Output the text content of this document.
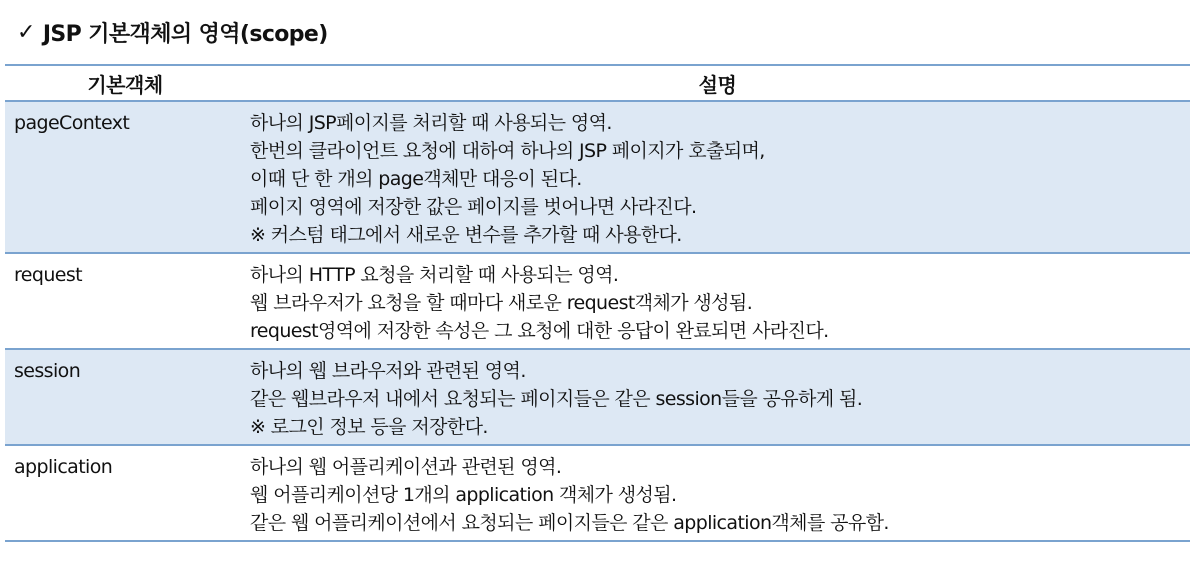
✓ JSP 기본객체의 영역(scope)
기본객체	설명
pageContext	하나의 JSP페이지를 처리할 때 사용되는 영역.
한번의 클라이언트 요청에 대하여 하나의 JSP 페이지가 호출되며,
이때 단 한 개의 page객체만 대응이 된다.
페이지 영역에 저장한 값은 페이지를 벗어나면 사라진다.
※ 커스텀 태그에서 새로운 변수를 추가할 때 사용한다.

request	하나의 HTTP 요청을 처리할 때 사용되는 영역.
웹 브라우저가 요청을 할 때마다 새로운 request객체가 생성됨.
request영역에 저장한 속성은 그 요청에 대한 응답이 완료되면 사라진다.

session	하나의 웹 브라우저와 관련된 영역.
같은 웹브라우저 내에서 요청되는 페이지들은 같은 session들을 공유하게 됨.
※ 로그인 정보 등을 저장한다.

application	하나의 웹 어플리케이션과 관련된 영역.
웹 어플리케이션당 1개의 application 객체가 생성됨.
같은 웹 어플리케이션에서 요청되는 페이지들은 같은 application객체를 공유함.
